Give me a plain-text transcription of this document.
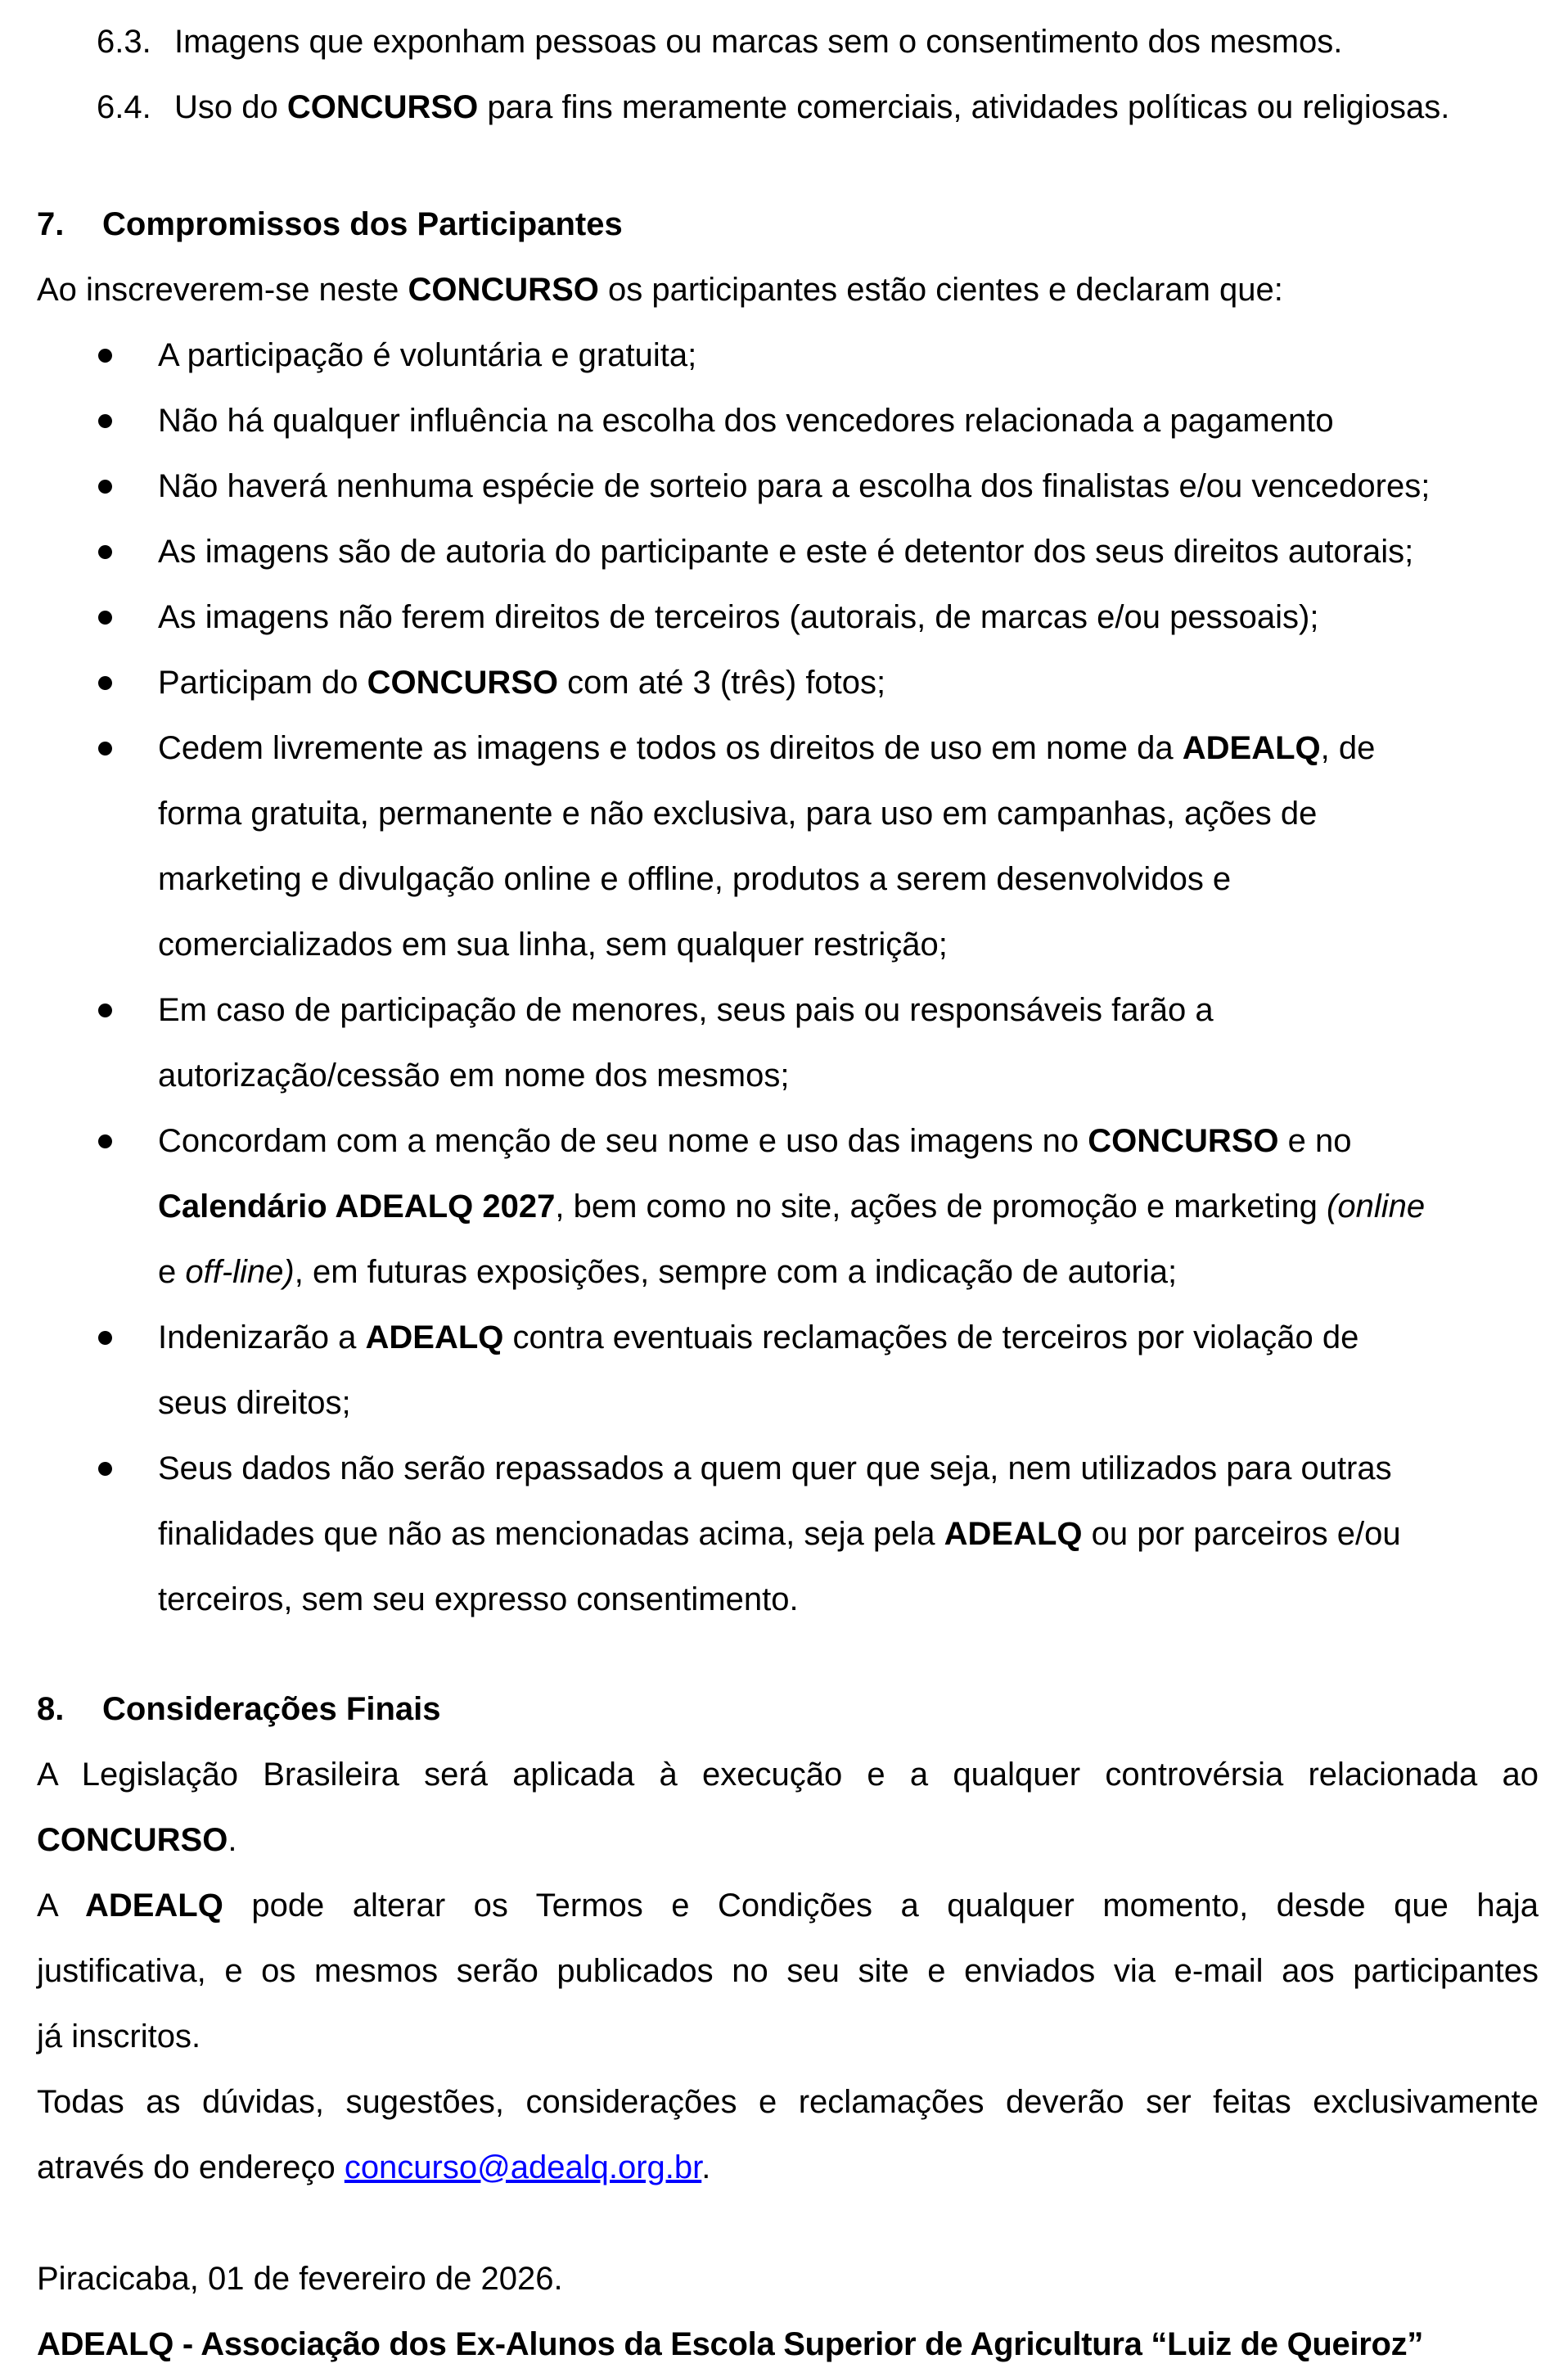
6.3. Imagens que exponham pessoas ou marcas sem o consentimento dos mesmos.
6.4. Uso do CONCURSO para fins meramente comerciais, atividades políticas ou religiosas.
7. Compromissos dos Participantes
Ao inscreverem-se neste CONCURSO os participantes estão cientes e declaram que:
A participação é voluntária e gratuita;
Não há qualquer influência na escolha dos vencedores relacionada a pagamento
Não haverá nenhuma espécie de sorteio para a escolha dos finalistas e/ou vencedores;
As imagens são de autoria do participante e este é detentor dos seus direitos autorais;
As imagens não ferem direitos de terceiros (autorais, de marcas e/ou pessoais);
Participam do CONCURSO com até 3 (três) fotos;
Cedem livremente as imagens e todos os direitos de uso em nome da ADEALQ, de
forma gratuita, permanente e não exclusiva, para uso em campanhas, ações de
marketing e divulgação online e offline, produtos a serem desenvolvidos e
comercializados em sua linha, sem qualquer restrição;
Em caso de participação de menores, seus pais ou responsáveis farão a
autorização/cessão em nome dos mesmos;
Concordam com a menção de seu nome e uso das imagens no CONCURSO e no
Calendário ADEALQ 2027, bem como no site, ações de promoção e marketing (online
e off-line), em futuras exposições, sempre com a indicação de autoria;
Indenizarão a ADEALQ contra eventuais reclamações de terceiros por violação de
seus direitos;
Seus dados não serão repassados a quem quer que seja, nem utilizados para outras
finalidades que não as mencionadas acima, seja pela ADEALQ ou por parceiros e/ou
terceiros, sem seu expresso consentimento.
8. Considerações Finais
A Legislação Brasileira será aplicada à execução e a qualquer controvérsia relacionada ao
CONCURSO.
A ADEALQ pode alterar os Termos e Condições a qualquer momento, desde que haja
justificativa, e os mesmos serão publicados no seu site e enviados via e-mail aos participantes
já inscritos.
Todas as dúvidas, sugestões, considerações e reclamações deverão ser feitas exclusivamente
através do endereço concurso@adealq.org.br.
Piracicaba, 01 de fevereiro de 2026.
ADEALQ - Associação dos Ex-Alunos da Escola Superior de Agricultura “Luiz de Queiroz”
